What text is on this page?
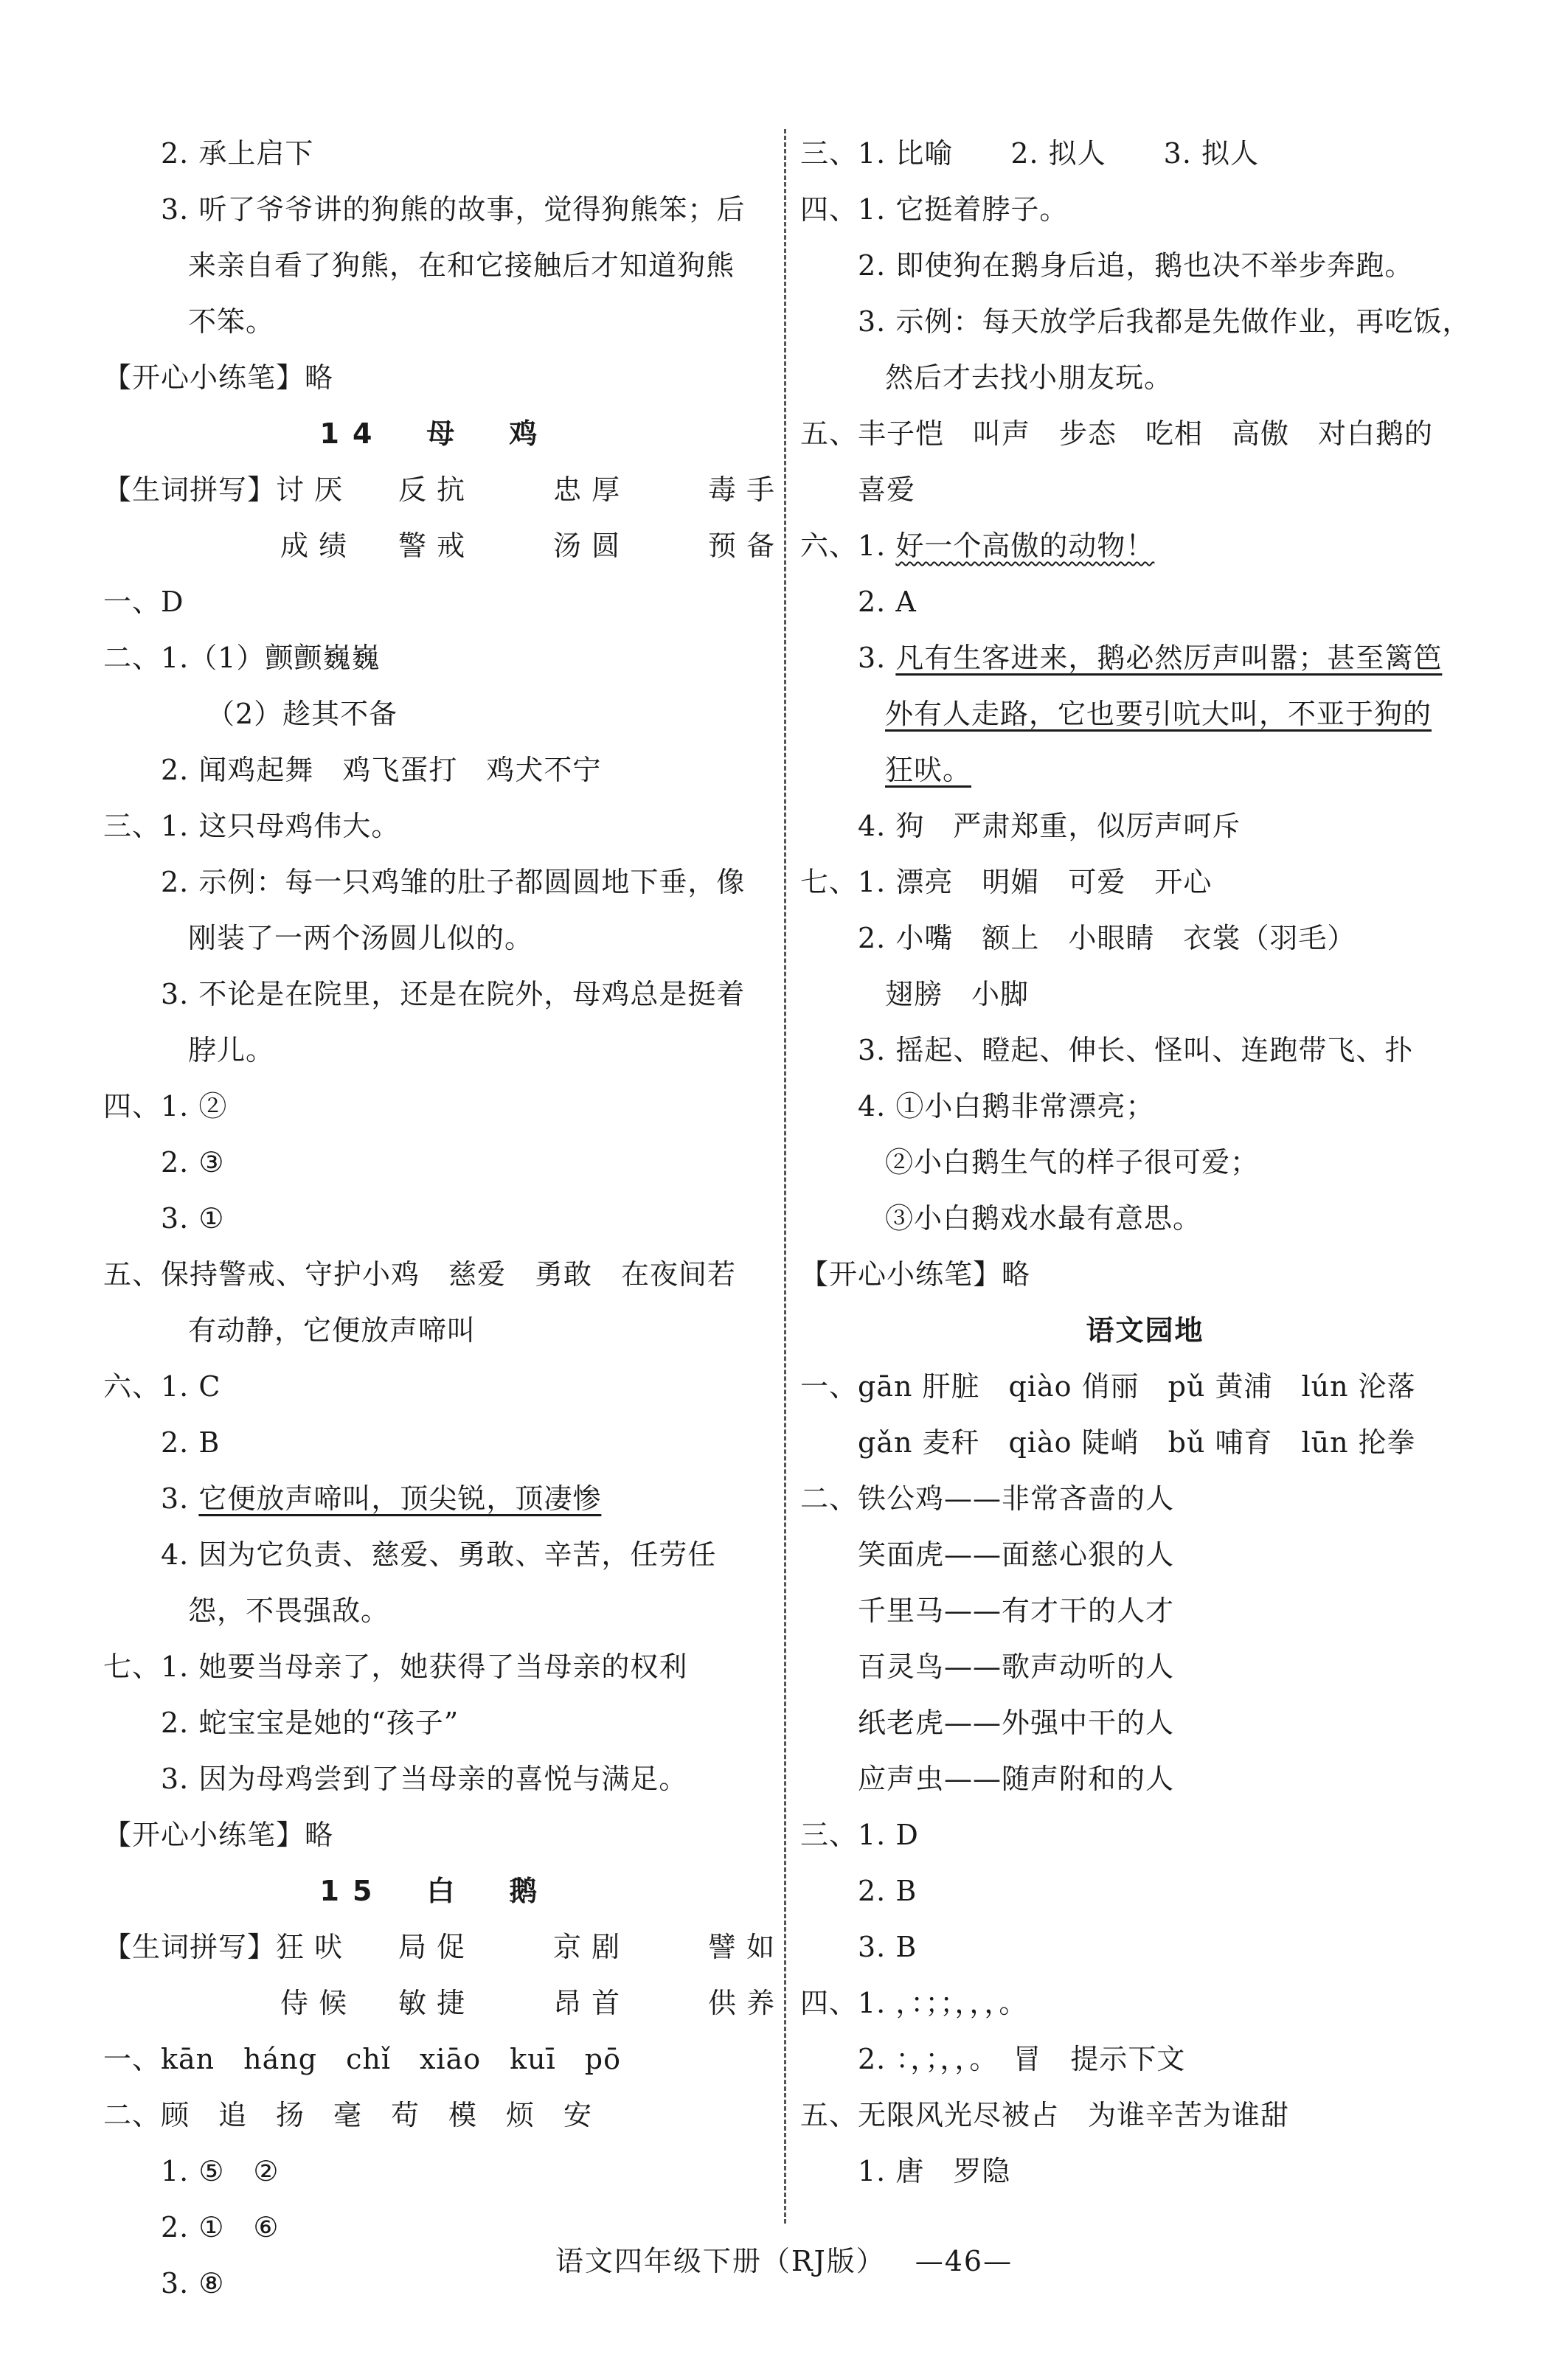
2. 承上启下
3. 听了爷爷讲的狗熊的故事，觉得狗熊笨；后
来亲自看了狗熊，在和它接触后才知道狗熊
不笨。
【开心小练笔】略
14　母　鸡
【生词拼写】讨 厌 反 抗	忠 厚	毒 手
成 绩 警 戒	汤 圆	预 备
一、D
二、1.（1）颤颤巍巍
（2）趁其不备
2. 闻鸡起舞　鸡飞蛋打　鸡犬不宁
三、1. 这只母鸡伟大。
2. 示例：每一只鸡雏的肚子都圆圆地下垂，像
刚装了一两个汤圆儿似的。
3. 不论是在院里，还是在院外，母鸡总是挺着
脖儿。
四、1. ②
2. ③
3. ①
五、保持警戒、守护小鸡　慈爱　勇敢　在夜间若
有动静，它便放声啼叫
六、1. C
2. B
3. 它便放声啼叫，顶尖锐，顶凄惨
4. 因为它负责、慈爱、勇敢、辛苦，任劳任
怨，不畏强敌。
七、1. 她要当母亲了，她获得了当母亲的权利
2. 蛇宝宝是她的“孩子”
3. 因为母鸡尝到了当母亲的喜悦与满足。
【开心小练笔】略
15　白　鹅
【生词拼写】狂 吠 局 促	京 剧	譬 如
侍 候 敏 捷	昂 首	供 养
一、kān　háng　chǐ　xiāo　kuī　pō
二、顾　追　扬　毫　苟　模　烦　安
1. ⑤　②
2. ①　⑥
3. ⑧
三、1. 比喻　　2. 拟人　　3. 拟人
四、1. 它挺着脖子。
2. 即使狗在鹅身后追，鹅也决不举步奔跑。
3. 示例：每天放学后我都是先做作业，再吃饭，
然后才去找小朋友玩。
五、丰子恺　叫声　步态　吃相　高傲　对白鹅的
喜爱
六、1. 好一个高傲的动物！
2. A
3. 凡有生客进来，鹅必然厉声叫嚣；甚至篱笆
外有人走路，它也要引吭大叫，不亚于狗的
狂吠。
4. 狗　严肃郑重，似厉声呵斥
七、1. 漂亮　明媚　可爱　开心
2. 小嘴　额上　小眼睛　衣裳（羽毛）
翅膀　小脚
3. 摇起、瞪起、伸长、怪叫、连跑带飞、扑
4. ①小白鹅非常漂亮；
②小白鹅生气的样子很可爱；
③小白鹅戏水最有意思。
【开心小练笔】略
语文园地
一、gān 肝脏　qiào 俏丽　pǔ 黄浦　lún 沦落
gǎn 麦秆　qiào 陡峭　bǔ 哺育　lūn 抡拳
二、铁公鸡——非常吝啬的人
笑面虎——面慈心狠的人
千里马——有才干的人才
百灵鸟——歌声动听的人
纸老虎——外强中干的人
应声虫——随声附和的人
三、1. D
2. B
3. B
四、1. ，：；；，，，。
2. ：，；，，。　冒　提示下文
五、无限风光尽被占　为谁辛苦为谁甜
1. 唐　罗隐
语文四年级下册（RJ版） —46—
